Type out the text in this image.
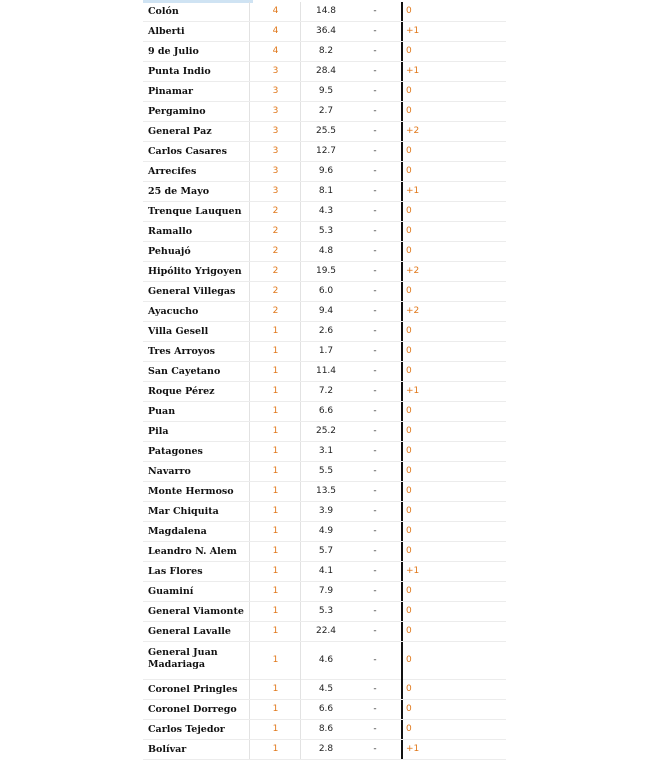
Colón	4	14.8	-	0
Alberti	4	36.4	-	+1
9 de Julio	4	8.2	-	0
Punta Indio	3	28.4	-	+1
Pinamar	3	9.5	-	0
Pergamino	3	2.7	-	0
General Paz	3	25.5	-	+2
Carlos Casares	3	12.7	-	0
Arrecifes	3	9.6	-	0
25 de Mayo	3	8.1	-	+1
Trenque Lauquen	2	4.3	-	0
Ramallo	2	5.3	-	0
Pehuajó	2	4.8	-	0
Hipólito Yrigoyen	2	19.5	-	+2
General Villegas	2	6.0	-	0
Ayacucho	2	9.4	-	+2
Villa Gesell	1	2.6	-	0
Tres Arroyos	1	1.7	-	0
San Cayetano	1	11.4	-	0
Roque Pérez	1	7.2	-	+1
Puan	1	6.6	-	0
Pila	1	25.2	-	0
Patagones	1	3.1	-	0
Navarro	1	5.5	-	0
Monte Hermoso	1	13.5	-	0
Mar Chiquita	1	3.9	-	0
Magdalena	1	4.9	-	0
Leandro N. Alem	1	5.7	-	0
Las Flores	1	4.1	-	+1
Guaminí	1	7.9	-	0
General Viamonte	1	5.3	-	0
General Lavalle	1	22.4	-	0
General Juan Madariaga	1	4.6	-	0
Coronel Pringles	1	4.5	-	0
Coronel Dorrego	1	6.6	-	0
Carlos Tejedor	1	8.6	-	0
Bolívar	1	2.8	-	+1
